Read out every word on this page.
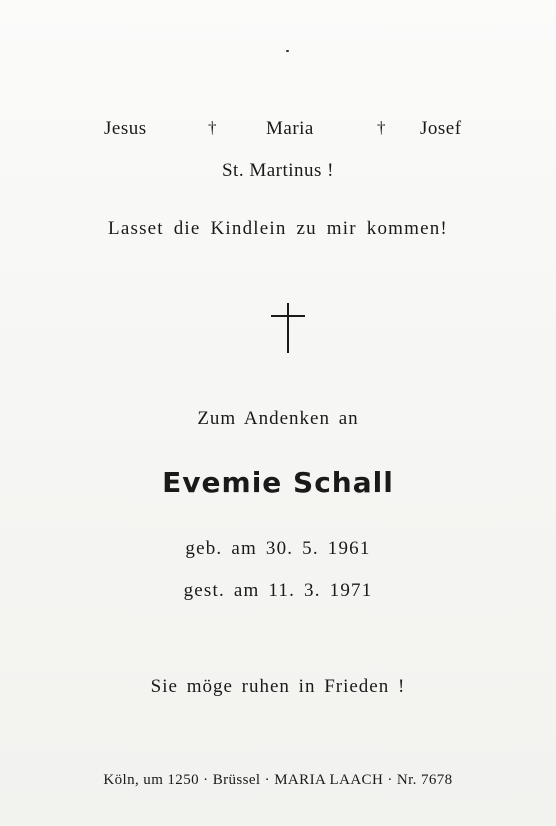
Jesus	†	Maria	† Josef
St. Martinus !
Lasset die Kindlein zu mir kommen!
Zum Andenken an
Evemie Schall
geb. am 30. 5. 1961
gest. am 11. 3. 1971
Sie möge ruhen in Frieden !
Köln, um 1250 · Brüssel · MARIA LAACH · Nr. 7678
